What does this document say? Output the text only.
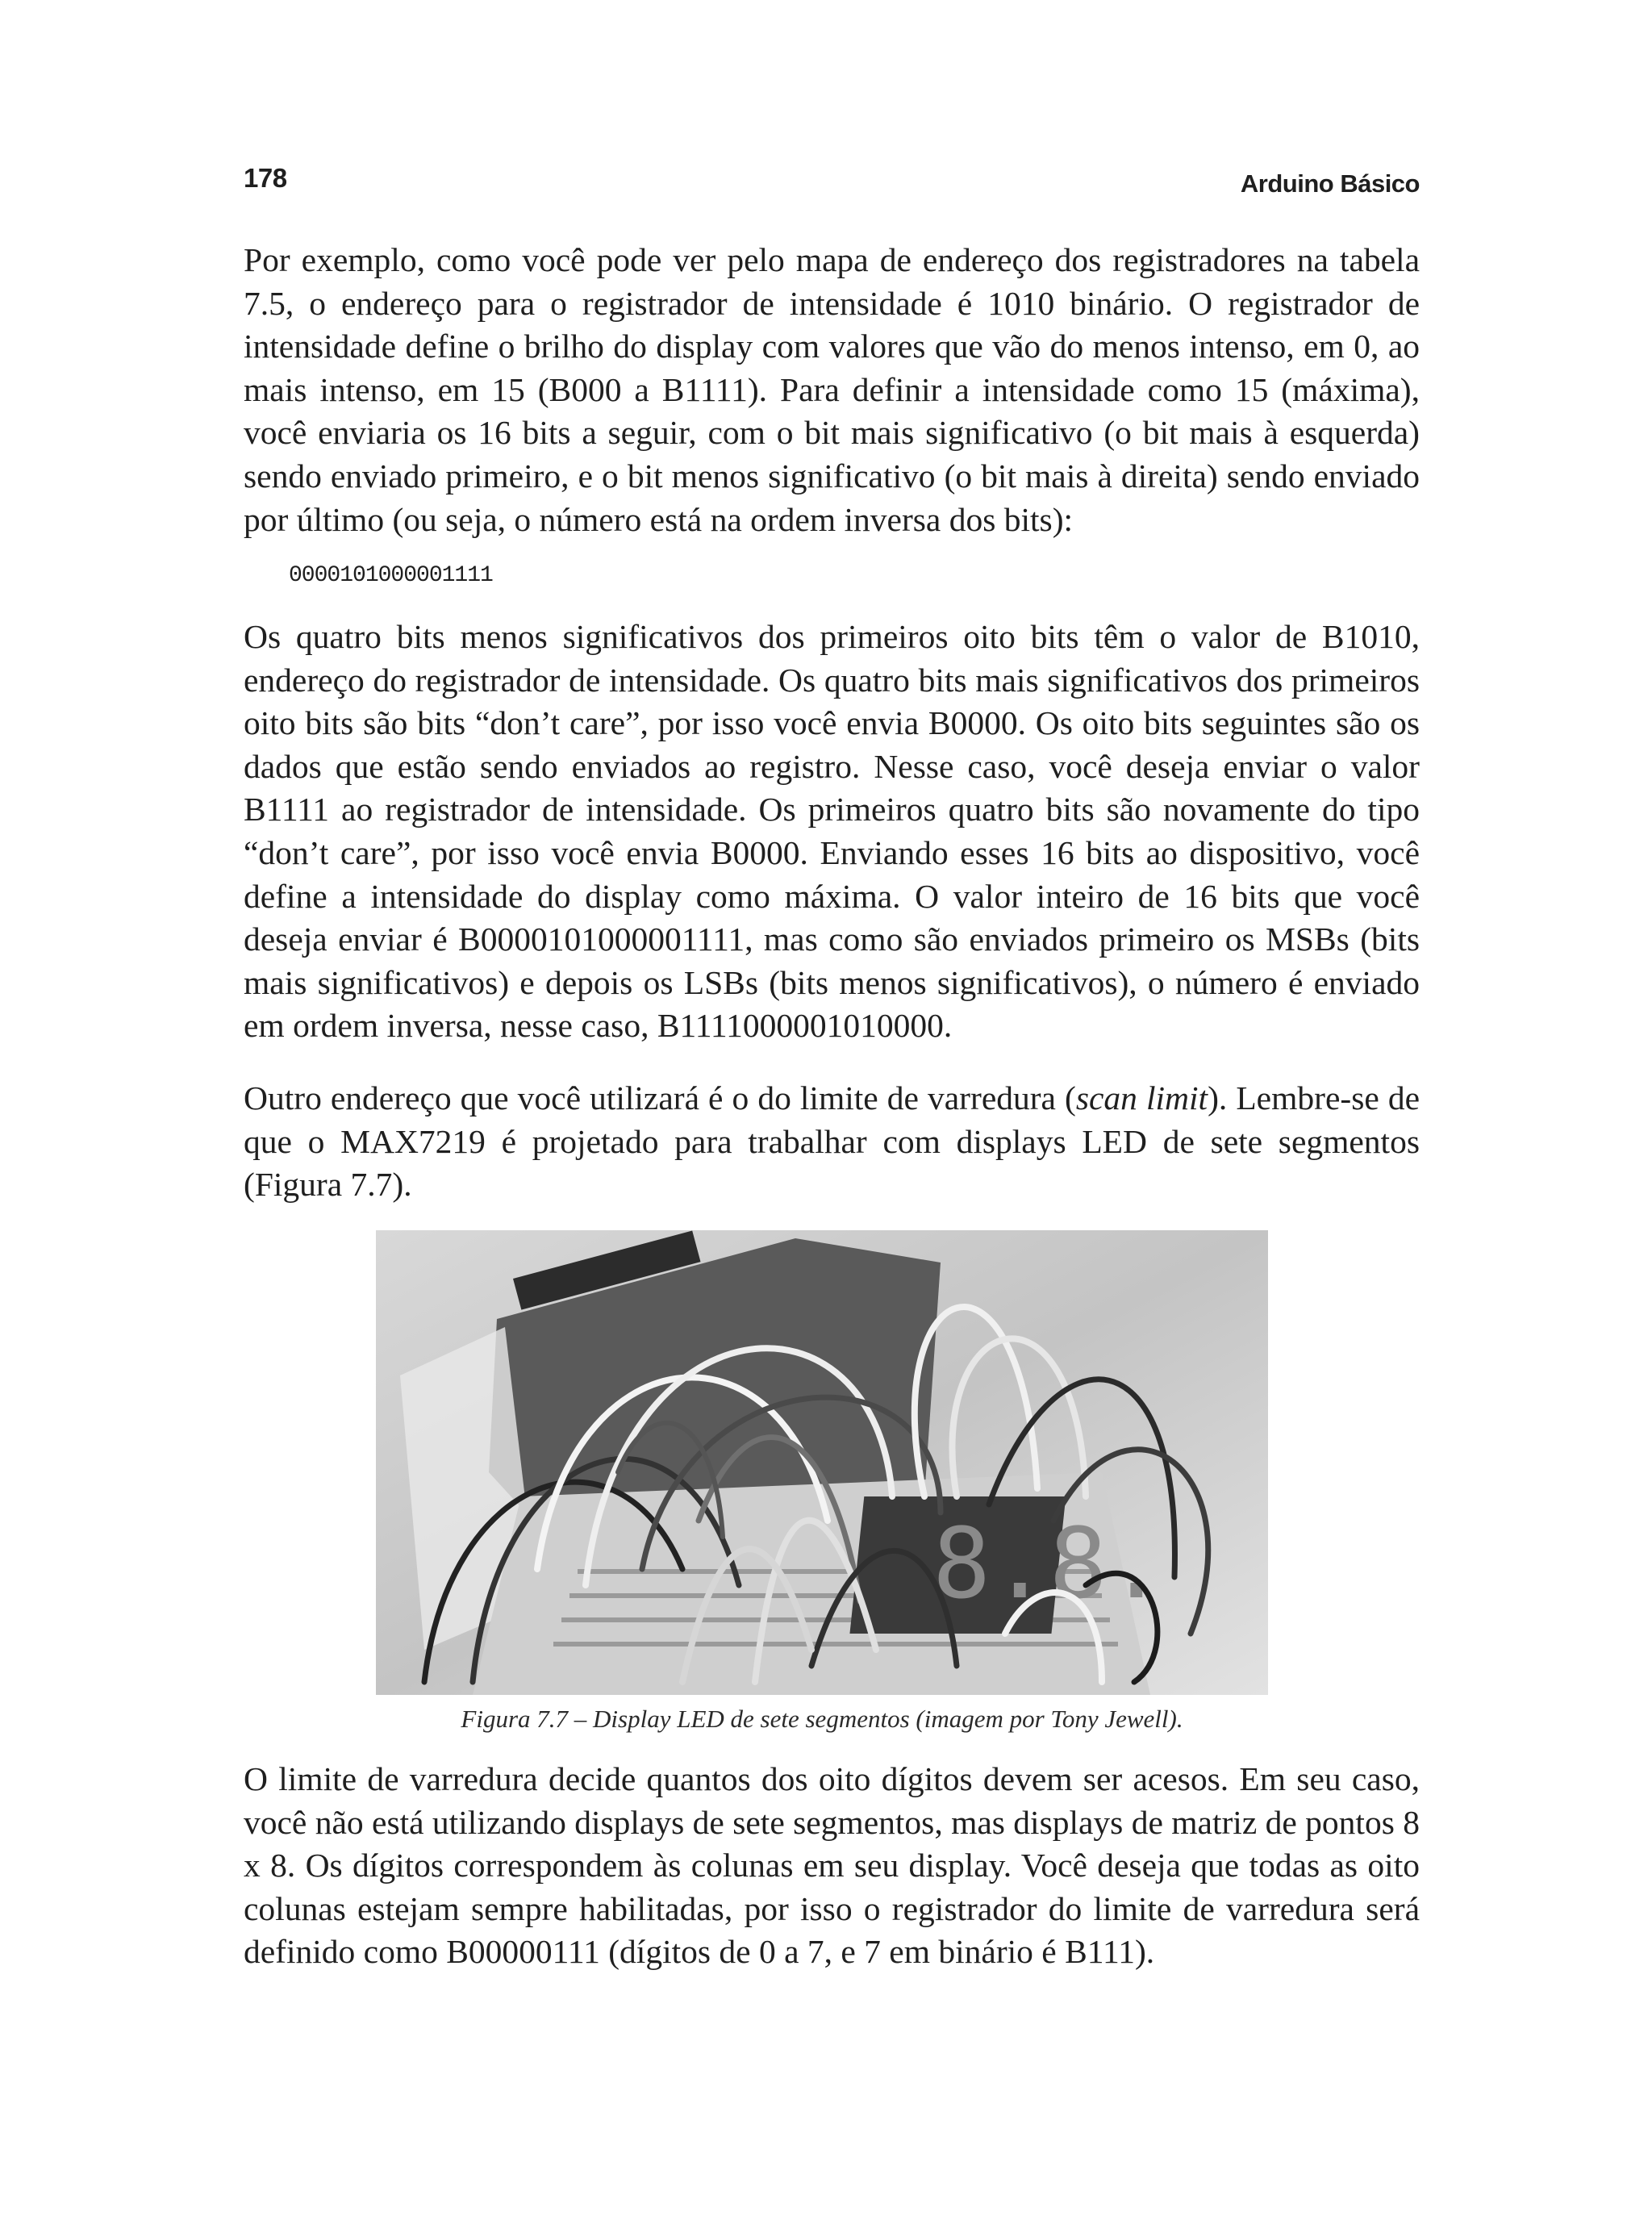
178	Arduino Básico

Por exemplo, como você pode ver pelo mapa de endereço dos registradores na tabela 7.5, o endereço para o registrador de intensidade é 1010 binário. O registrador de intensidade define o brilho do display com valores que vão do menos intenso, em 0, ao mais intenso, em 15 (B000 a B1111). Para definir a intensidade como 15 (máxima), você enviaria os 16 bits a seguir, com o bit mais significativo (o bit mais à esquerda) sendo enviado primeiro, e o bit menos significativo (o bit mais à direita) sendo enviado por último (ou seja, o número está na ordem inversa dos bits):

0000101000001111

Os quatro bits menos significativos dos primeiros oito bits têm o valor de B1010, endereço do registrador de intensidade. Os quatro bits mais significativos dos primeiros oito bits são bits “don’t care”, por isso você envia B0000. Os oito bits seguintes são os dados que estão sendo enviados ao registro. Nesse caso, você deseja enviar o valor B1111 ao registrador de intensidade. Os primeiros quatro bits são novamente do tipo “don’t care”, por isso você envia B0000. Enviando esses 16 bits ao dispositivo, você define a intensidade do display como máxima. O valor inteiro de 16 bits que você deseja enviar é B0000101000001111, mas como são enviados primeiro os MSBs (bits mais significativos) e depois os LSBs (bits menos significativos), o número é enviado em ordem inversa, nesse caso, B1111000001010000.

Outro endereço que você utilizará é o do limite de varredura (scan limit). Lembre-se de que o MAX7219 é projetado para trabalhar com displays LED de sete segmentos (Figura 7.7).

8.8.
Figura 7.7 – Display LED de sete segmentos (imagem por Tony Jewell).

O limite de varredura decide quantos dos oito dígitos devem ser acesos. Em seu caso, você não está utilizando displays de sete segmentos, mas displays de matriz de pontos 8 x 8. Os dígitos correspondem às colunas em seu display. Você deseja que todas as oito colunas estejam sempre habilitadas, por isso o registrador do limite de varredura será definido como B00000111 (dígitos de 0 a 7, e 7 em binário é B111).
